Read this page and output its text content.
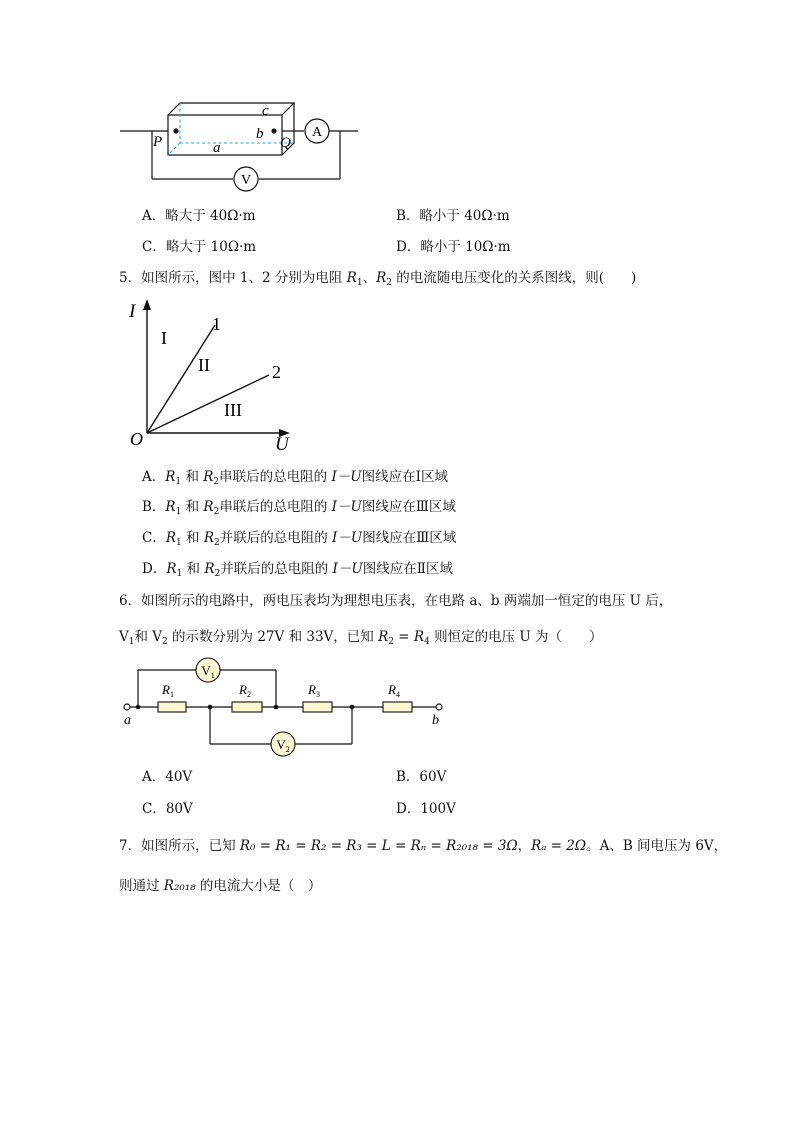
c
b
P	Q
a
A
V
A．略大于 40Ω·m	B．略小于 40Ω·m
C．略大于 10Ω·m	D．略小于 10Ω·m
5．如图所示，图中 1、2 分别为电阻 $R_1$、$R_2$ 的电流随电压变化的关系图线，则(　　)
I
U
O
I
II
III
1
2
A．$R_1$ 和 $R_2$串联后的总电阻的 I－U图线应在Ⅰ区域
B．$R_1$ 和 $R_2$串联后的总电阻的 I－U图线应在Ⅲ区域
C．$R_1$ 和 $R_2$并联后的总电阻的 I－U图线应在Ⅲ区域
D．$R_1$ 和 $R_2$并联后的总电阻的 I－U图线应在Ⅱ区域
6．如图所示的电路中，两电压表均为理想电压表，在电路 a、b 两端加一恒定的电压 U 后，
$V_1$和 $V_2$ 的示数分别为 27V 和 33V，已知 $R_2 = R_4$ 则恒定的电压 U 为（　　）
$V_1$
$V_2$
$R_1$	$R_2$	$R_3$	$R_4$
a	b
A．40V	B．60V
C．80V	D．100V
7．如图所示，已知 R₀ = R₁ = R₂ = R₃ = L = Rₙ = R₂₀₁₈ = 3Ω，Rₐ = 2Ω。A、B 间电压为 6V，
则通过 R₂₀₁₈ 的电流大小是（　）
